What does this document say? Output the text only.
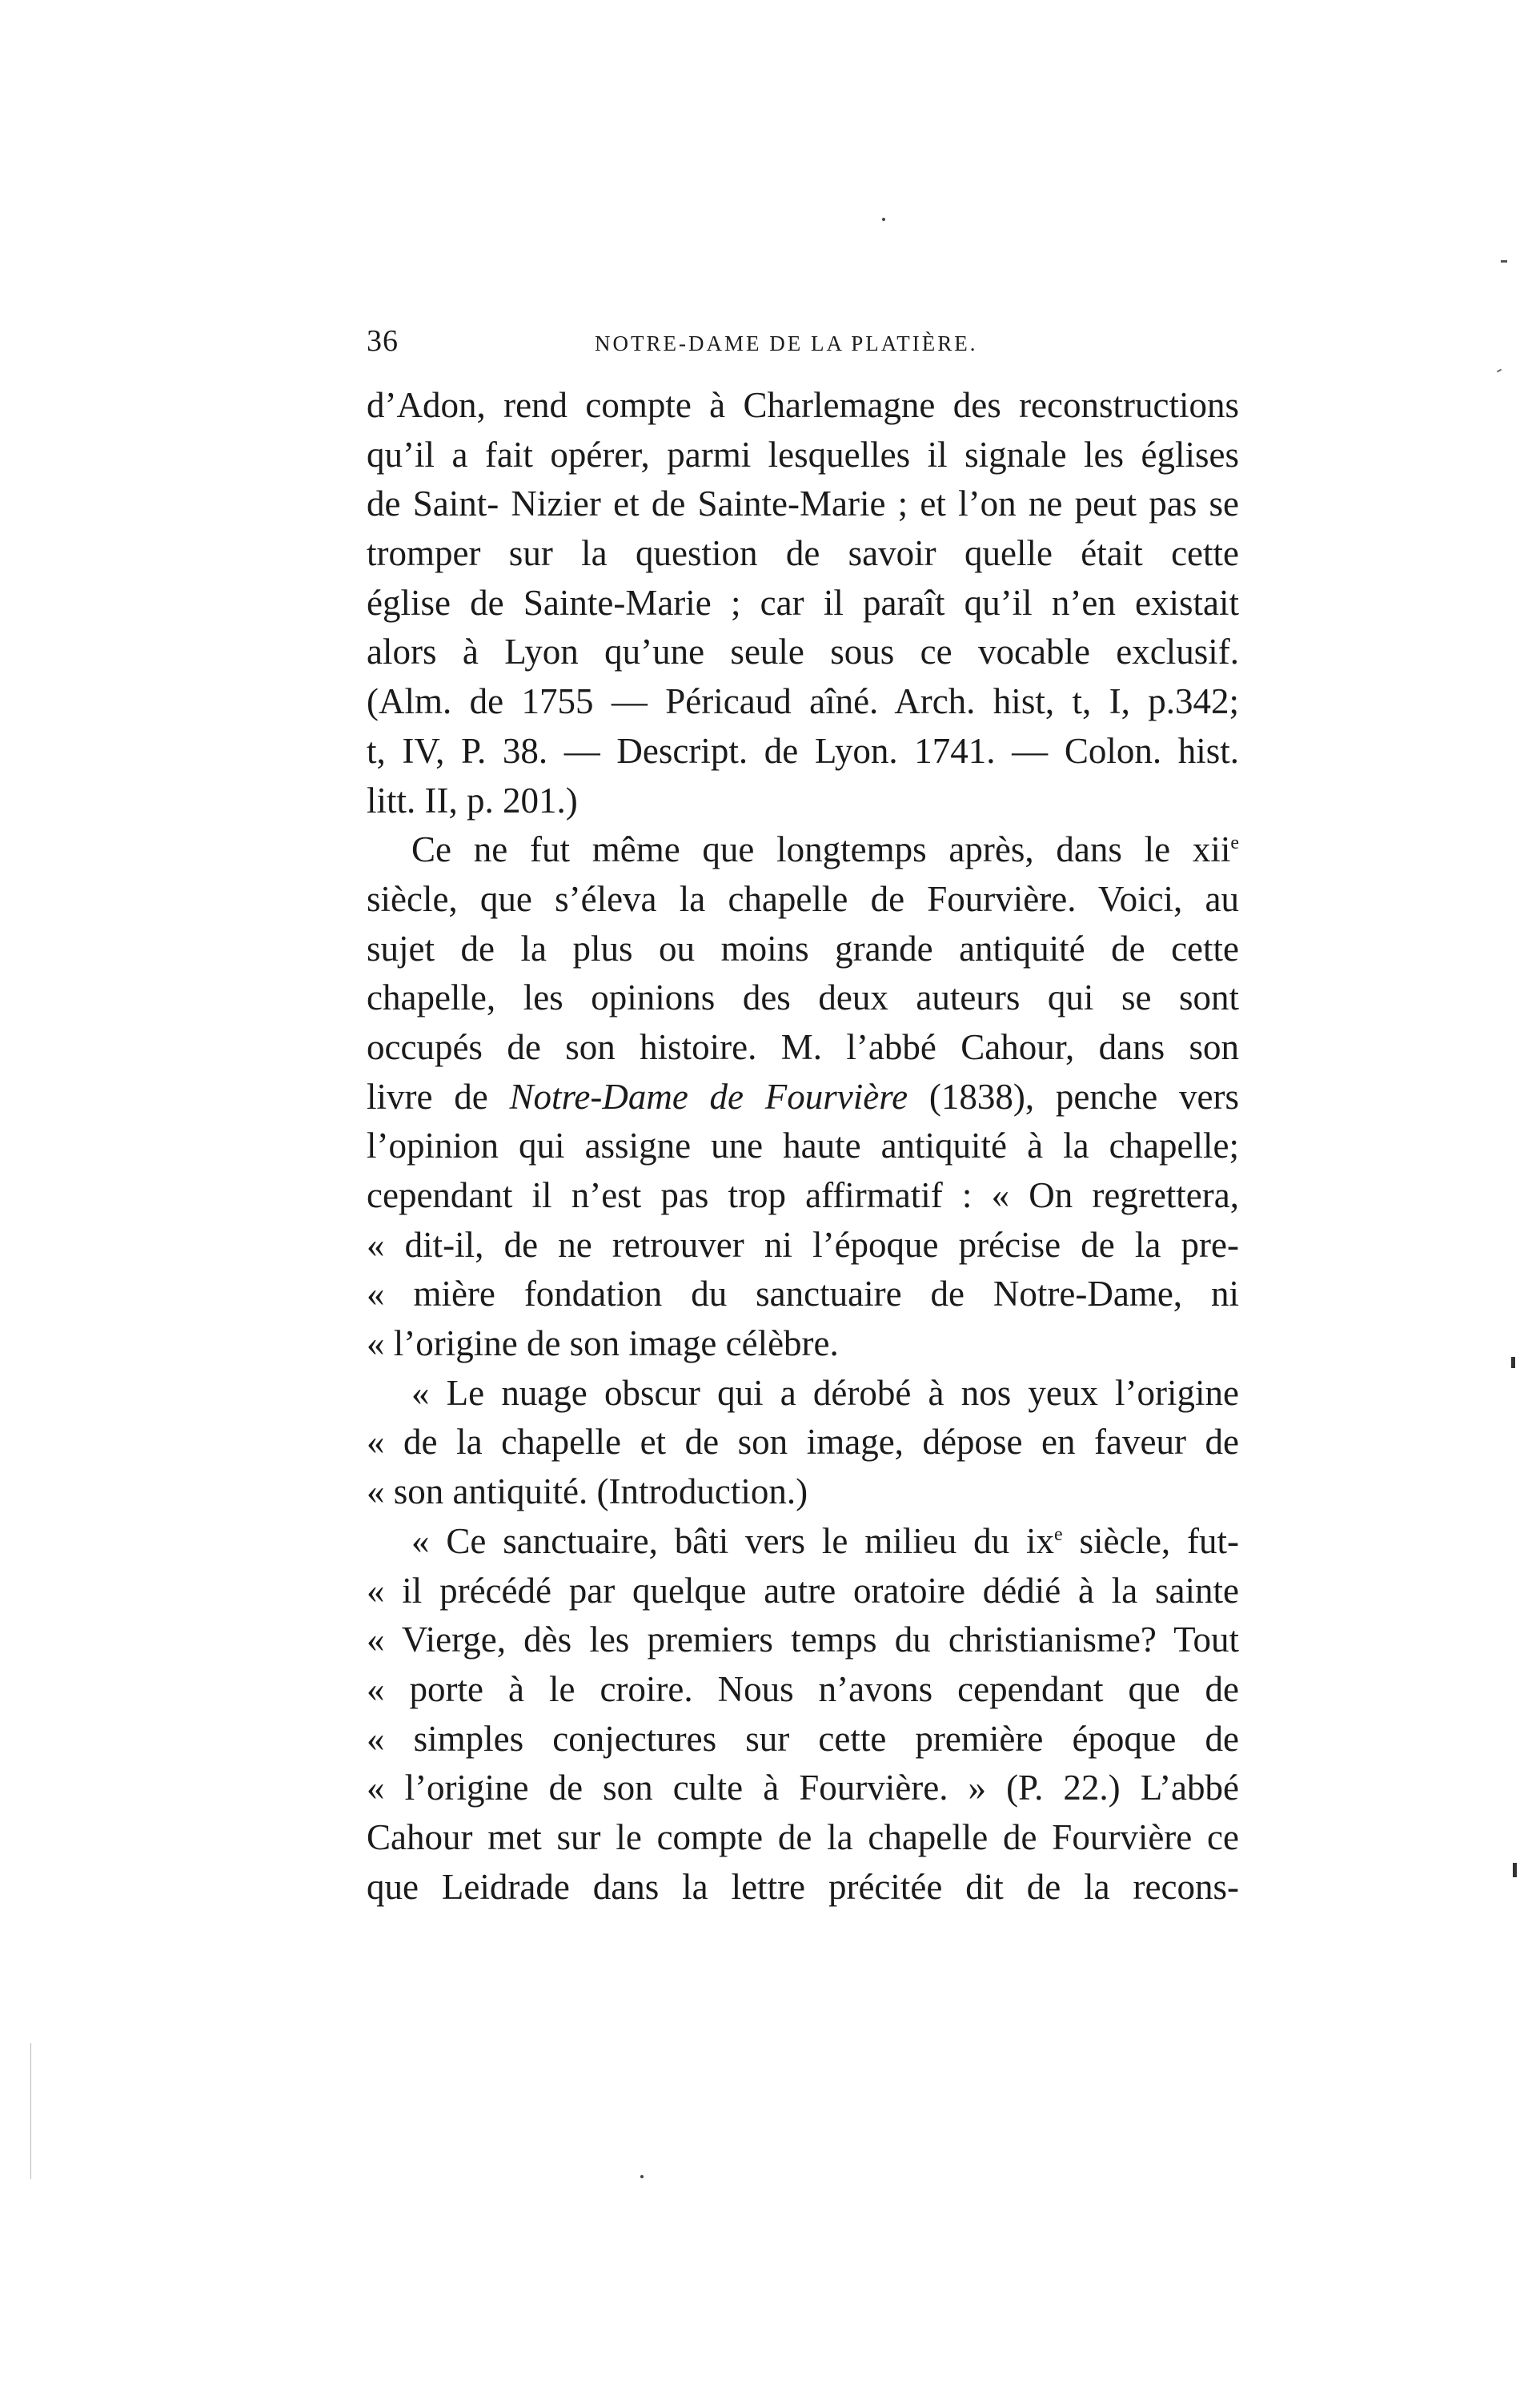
36	NOTRE-DAME DE LA PLATIÈRE.
d’Adon, rend compte à Charlemagne des reconstructions
qu’il a fait opérer, parmi lesquelles il signale les églises
de Saint- Nizier et de Sainte-Marie ; et l’on ne peut pas se
tromper sur la question de savoir quelle était cette
église de Sainte-Marie ; car il paraît qu’il n’en existait
alors à Lyon qu’une seule sous ce vocable exclusif.
(Alm. de 1755 — Péricaud aîné. Arch. hist, t, I, p.342;
t, IV, P. 38. — Descript. de Lyon. 1741. — Colon. hist.
litt. II, p. 201.)
Ce ne fut même que longtemps après, dans le xii$^e$
siècle, que s’éleva la chapelle de Fourvière. Voici, au
sujet de la plus ou moins grande antiquité de cette
chapelle, les opinions des deux auteurs qui se sont
occupés de son histoire. M. l’abbé Cahour, dans son
livre de Notre-Dame de Fourvière (1838), penche vers
l’opinion qui assigne une haute antiquité à la chapelle;
cependant il n’est pas trop affirmatif : « On regrettera,
« dit-il, de ne retrouver ni l’époque précise de la pre-
« mière fondation du sanctuaire de Notre-Dame, ni
« l’origine de son image célèbre.
« Le nuage obscur qui a dérobé à nos yeux l’origine
« de la chapelle et de son image, dépose en faveur de
« son antiquité. (Introduction.)
« Ce sanctuaire, bâti vers le milieu du $ix^e$ siècle, fut-
« il précédé par quelque autre oratoire dédié à la sainte
« Vierge, dès les premiers temps du christianisme? Tout
« porte à le croire. Nous n’avons cependant que de
« simples conjectures sur cette première époque de
« l’origine de son culte à Fourvière. » (P. 22.) L’abbé
Cahour met sur le compte de la chapelle de Fourvière ce
que Leidrade dans la lettre précitée dit de la recons-
